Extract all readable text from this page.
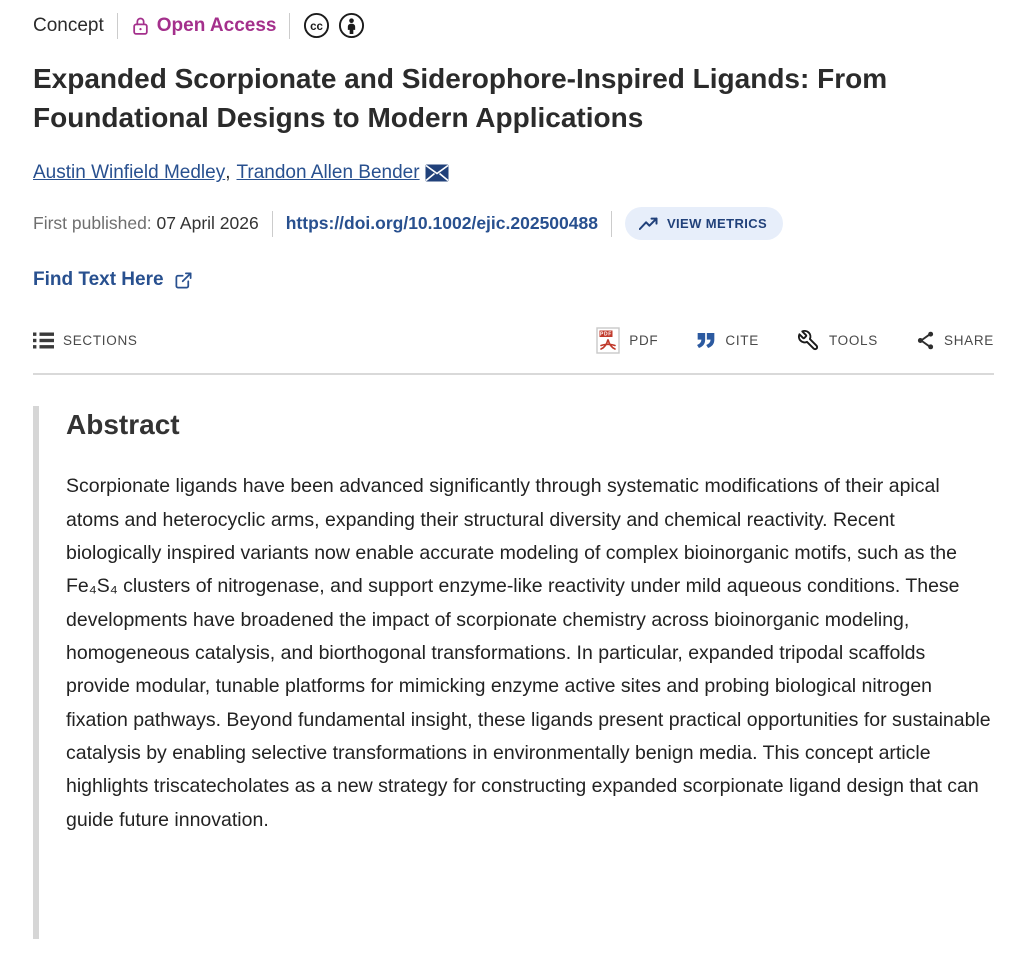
Concept	Open Access	cc
Expanded Scorpionate and Siderophore-Inspired Ligands: From Foundational Designs to Modern Applications
Austin Winfield Medley , Trandon Allen Bender
First published: 07 April 2026 https://doi.org/10.1002/ejic.202500488	VIEW METRICS
Find Text Here
SECTIONS	PDF PDF	CITE	TOOLS	SHARE
Abstract

Scorpionate ligands have been advanced significantly through systematic modifications of their apical atoms and heterocyclic arms, expanding their structural diversity and chemical reactivity. Recent biologically inspired variants now enable accurate modeling of complex bioinorganic motifs, such as the Fe₄S₄ clusters of nitrogenase, and support enzyme-like reactivity under mild aqueous conditions. These developments have broadened the impact of scorpionate chemistry across bioinorganic modeling, homogeneous catalysis, and biorthogonal transformations. In particular, expanded tripodal scaffolds provide modular, tunable platforms for mimicking enzyme active sites and probing biological nitrogen fixation pathways. Beyond fundamental insight, these ligands present practical opportunities for sustainable catalysis by enabling selective transformations in environmentally benign media. This concept article highlights triscatecholates as a new strategy for constructing expanded scorpionate ligand design that can guide future innovation.
